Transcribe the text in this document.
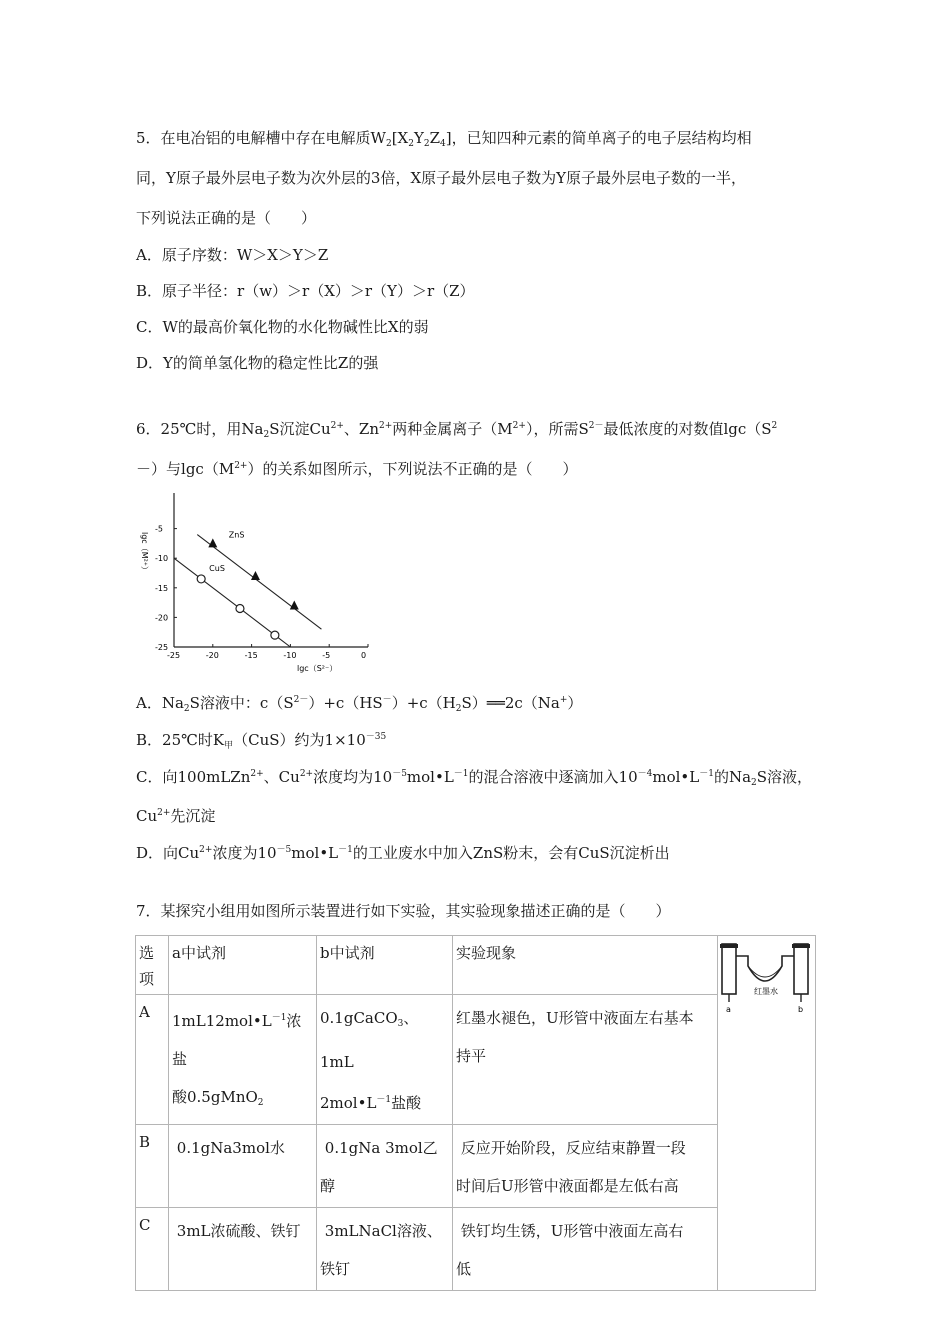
5．在电冶铝的电解槽中存在电解质$W_2[X_2Y_2Z_4]$，已知四种元素的简单离子的电子层结构均相
同，Y原子最外层电子数为次外层的3倍，X原子最外层电子数为Y原子最外层电子数的一半，
下列说法正确的是（　　）
A．原子序数：W＞X＞Y＞Z
B．原子半径：r（w）＞r（X）＞r（Y）＞r（Z）
C．W的最高价氧化物的水化物碱性比X的弱
D．Y的简单氢化物的稳定性比Z的强
6．25℃时，用$Na_2S$沉淀$Cu^{2+}$、$Zn^{2+}$两种金属离子$(M^{2+})$，所需$S^{2-}$最低浓度的对数值$\lg c(S^2$
－）与$\lg c(M^{2+})$的关系如图所示，下列说法不正确的是（　　）
-25	-20	-15	-10	-5	0
-5
-10
-15
-20
-25
ZnS
CuS
lgc（M²⁺）
lgc（S²⁻）
A．$Na_2S$溶液中：$c(S^{2-})+c(HS^-)+c(H_2S)══2c(Na^+)$
B．25℃时$K_甲(CuS)$约为$1\times 10^{-35}$
C．向100mLZn$^{2+}$、$Cu^{2+}$浓度均为$10^{-5}mol•L^{-1}$的混合溶液中逐滴加入$10^{-4}mol•L^{-1}$的$Na_2S$溶液，
$Cu^{2+}$先沉淀
D．向$Cu^{2+}$浓度为$10^{-5}mol•L^{-1}$的工业废水中加入ZnS粉末，会有CuS沉淀析出
7．某探究小组用如图所示装置进行如下实验，其实验现象描述正确的是（　　）
选项	a中试剂	b中试剂	实验现象	红墨水
a b

A	$1mL12mol•L^{-1}$浓盐
酸0.5gMnO$_2$	0.1gCaCO$_3$、1mL
$2mol•L^{-1}$盐酸	红墨水褪色，U形管中液面左右基本
持平	
B	0.1gNa3mol水	0.1gNa 3mol乙
醇	反应开始阶段，反应结束静置一段
时间后U形管中液面都是左低右高	
C	3mL浓硫酸、铁钉	3mLNaCl溶液、
铁钉	铁钉均生锈，U形管中液面左高右
低	
